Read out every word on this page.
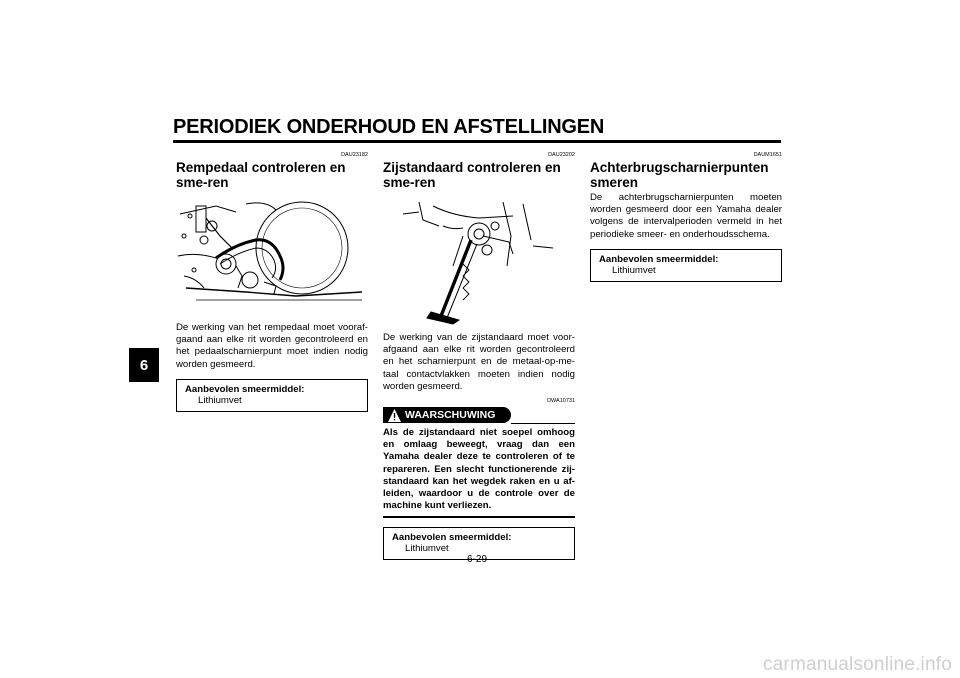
PERIODIEK ONDERHOUD EN AFSTELLINGEN
6
DAU23182
Rempedaal controleren en sme-ren
De werking van het rempedaal moet vooraf-gaand aan elke rit worden gecontroleerd en het pedaalscharnierpunt moet indien nodig worden gesmeerd.
Aanbevolen smeermiddel:
Lithiumvet
DAU23202
Zijstandaard controleren en sme-ren
De werking van de zijstandaard moet voor-afgaand aan elke rit worden gecontroleerd en het scharnierpunt en de metaal-op-me-taal contactvlakken moeten indien nodig worden gesmeerd.
DWA10731
WAARSCHUWING
Als de zijstandaard niet soepel omhoog en omlaag beweegt, vraag dan een Yamaha dealer deze te controleren of te repareren. Een slecht functionerende zij-standaard kan het wegdek raken en u af-leiden, waardoor u de controle over de machine kunt verliezen.
Aanbevolen smeermiddel:
Lithiumvet
DAUM1651
Achterbrugscharnierpunten smeren
De achterbrugscharnierpunten moeten worden gesmeerd door een Yamaha dealer volgens de intervalperioden vermeld in het periodieke smeer- en onderhoudsschema.
Aanbevolen smeermiddel:
Lithiumvet
6-29
carmanualsonline.info
